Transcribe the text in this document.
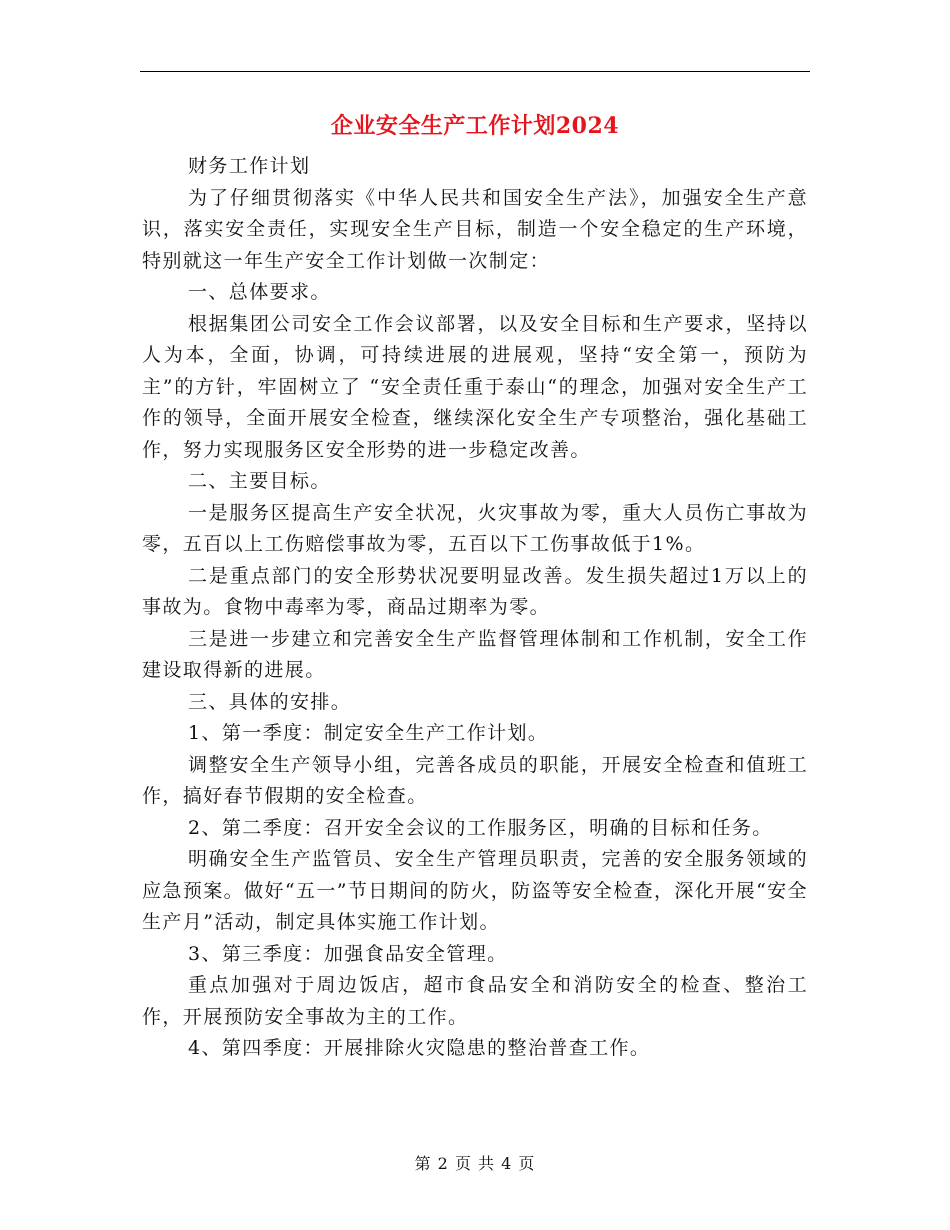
企业安全生产工作计划2024

财务工作计划

为了仔细贯彻落实《中华人民共和国安全生产法》，加强安全生产意识，落实安全责任，实现安全生产目标，制造一个安全稳定的生产环境，特别就这一年生产安全工作计划做一次制定：

一、总体要求。

根据集团公司安全工作会议部署，以及安全目标和生产要求，坚持以人为本，全面，协调，可持续进展的进展观，坚持“安全第一，预防为主”的方针，牢固树立了 “安全责任重于泰山“的理念，加强对安全生产工作的领导，全面开展安全检查，继续深化安全生产专项整治，强化基础工作，努力实现服务区安全形势的进一步稳定改善。

二、主要目标。

一是服务区提高生产安全状况，火灾事故为零，重大人员伤亡事故为零，五百以上工伤赔偿事故为零，五百以下工伤事故低于1%。

二是重点部门的安全形势状况要明显改善。发生损失超过1万以上的事故为。食物中毒率为零，商品过期率为零。

三是进一步建立和完善安全生产监督管理体制和工作机制，安全工作建设取得新的进展。

三、具体的安排。

1、第一季度：制定安全生产工作计划。

调整安全生产领导小组，完善各成员的职能，开展安全检查和值班工作，搞好春节假期的安全检查。

2、第二季度：召开安全会议的工作服务区，明确的目标和任务。

明确安全生产监管员、安全生产管理员职责，完善的安全服务领域的应急预案。做好“五一”节日期间的防火，防盗等安全检查，深化开展“安全生产月”活动，制定具体实施工作计划。

3、第三季度：加强食品安全管理。

重点加强对于周边饭店，超市食品安全和消防安全的检查、整治工作，开展预防安全事故为主的工作。

4、第四季度：开展排除火灾隐患的整治普查工作。

第 2 页 共 4 页
